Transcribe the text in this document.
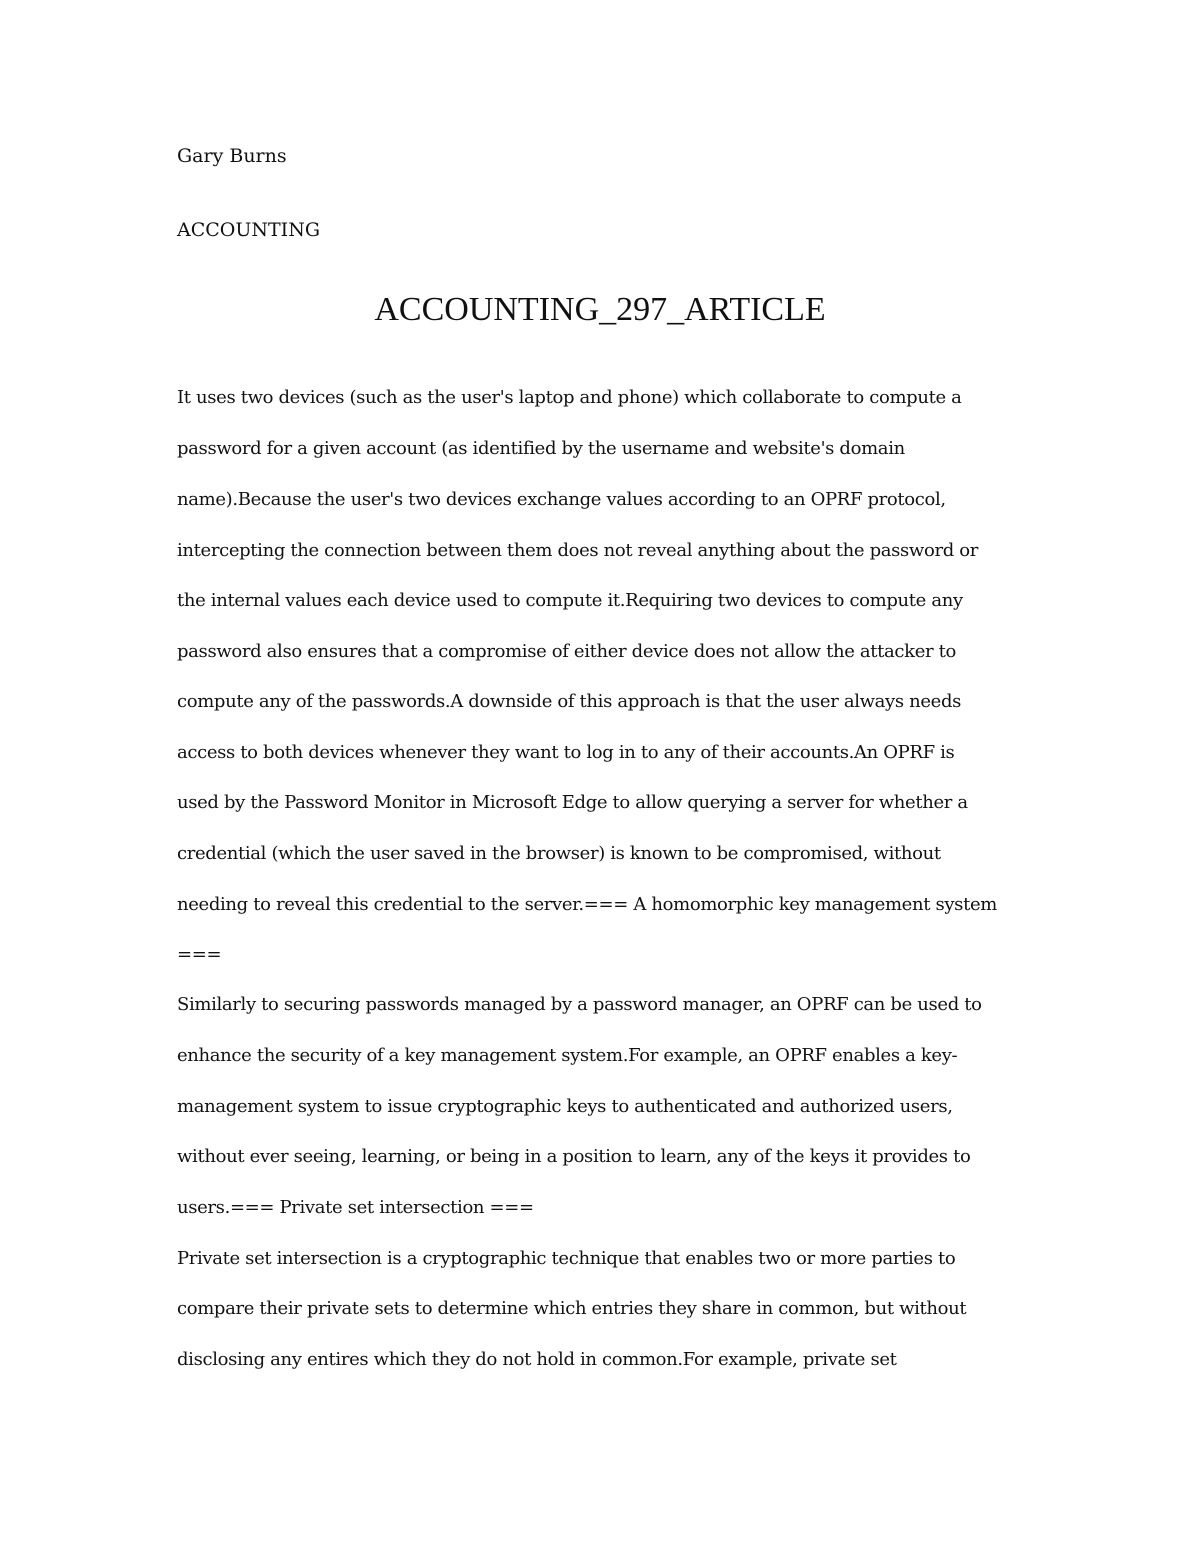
Gary Burns
ACCOUNTING
ACCOUNTING_297_ARTICLE
It uses two devices (such as the user's laptop and phone) which collaborate to compute a
password for a given account (as identified by the username and website's domain
name).Because the user's two devices exchange values according to an OPRF protocol,
intercepting the connection between them does not reveal anything about the password or
the internal values each device used to compute it.Requiring two devices to compute any
password also ensures that a compromise of either device does not allow the attacker to
compute any of the passwords.A downside of this approach is that the user always needs
access to both devices whenever they want to log in to any of their accounts.An OPRF is
used by the Password Monitor in Microsoft Edge to allow querying a server for whether a
credential (which the user saved in the browser) is known to be compromised, without
needing to reveal this credential to the server.=== A homomorphic key management system
===
Similarly to securing passwords managed by a password manager, an OPRF can be used to
enhance the security of a key management system.For example, an OPRF enables a key-
management system to issue cryptographic keys to authenticated and authorized users,
without ever seeing, learning, or being in a position to learn, any of the keys it provides to
users.=== Private set intersection ===
Private set intersection is a cryptographic technique that enables two or more parties to
compare their private sets to determine which entries they share in common, but without
disclosing any entires which they do not hold in common.For example, private set
